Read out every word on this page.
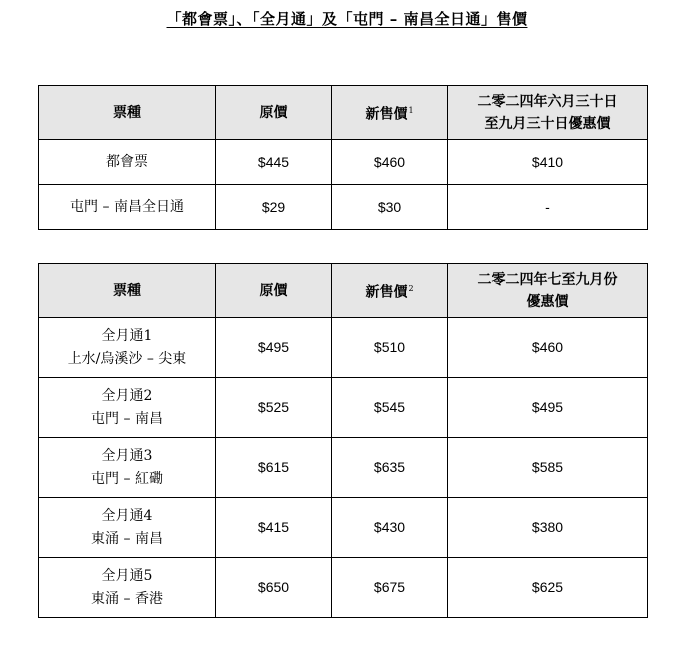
「都會票」、「全月通」及「屯門 – 南昌全日通」售價
票種	原價	新售價$^1$	二零二四年六月三十日
至九月三十日優惠價

都會票	$445	$460	$410
屯門 – 南昌全日通	$29	$30	-
票種	原價	新售價$^2$	二零二四年七至九月份
優惠價

全月通1
上水/烏溪沙 – 尖東	$495	$510	$460

全月通2
屯門 – 南昌	$525	$545	$495

全月通3
屯門 – 紅磡	$615	$635	$585

全月通4
東涌 – 南昌	$415	$430	$380

全月通5
東涌 – 香港	$650	$675	$625
